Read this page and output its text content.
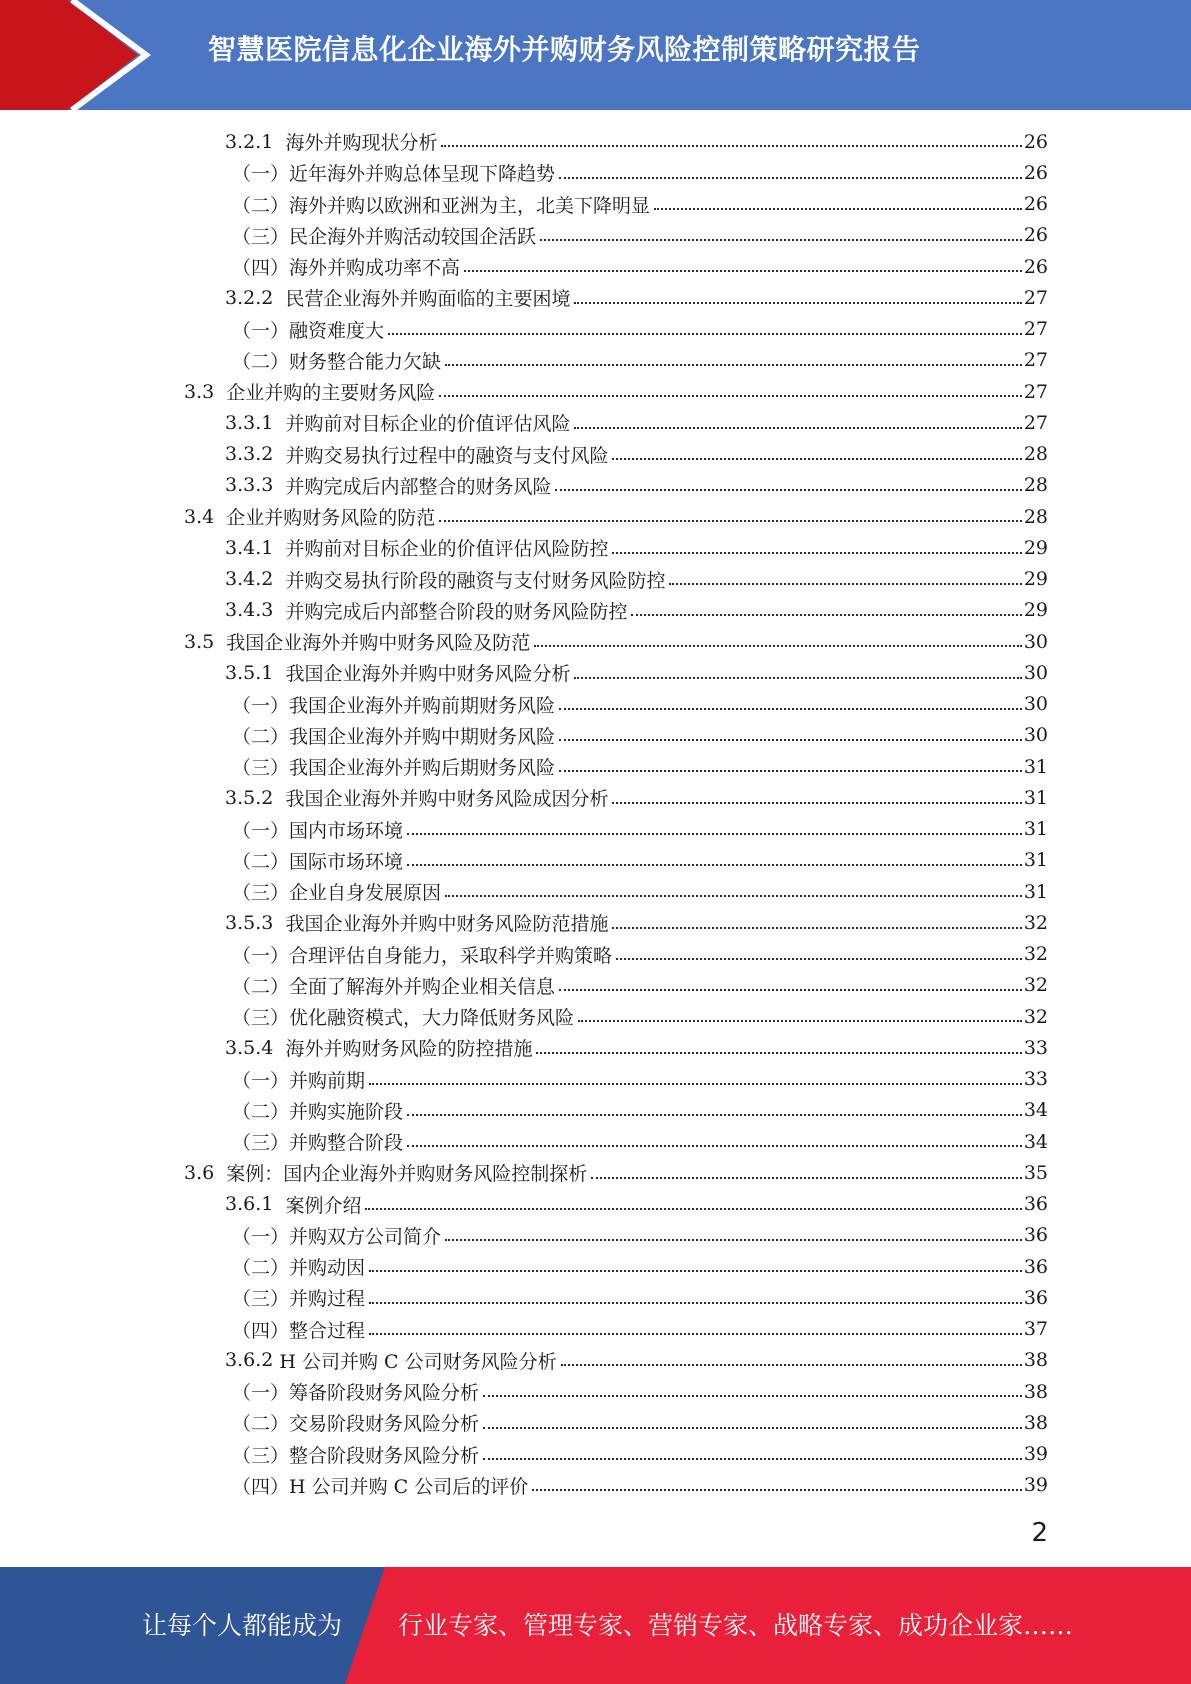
智慧医院信息化企业海外并购财务风险控制策略研究报告
3.2.1 海外并购现状分析	26
（一） 近年海外并购总体呈现下降趋势	26
（二） 海外并购以欧洲和亚洲为主，北美下降明显	26
（三） 民企海外并购活动较国企活跃	26
（四） 海外并购成功率不高	26
3.2.2 民营企业海外并购面临的主要困境	27
（一） 融资难度大	27
（二） 财务整合能力欠缺	27
3.3 企业并购的主要财务风险	27
3.3.1 并购前对目标企业的价值评估风险	27
3.3.2 并购交易执行过程中的融资与支付风险	28
3.3.3 并购完成后内部整合的财务风险	28
3.4 企业并购财务风险的防范	28
3.4.1 并购前对目标企业的价值评估风险防控	29
3.4.2 并购交易执行阶段的融资与支付财务风险防控	29
3.4.3 并购完成后内部整合阶段的财务风险防控	29
3.5 我国企业海外并购中财务风险及防范	30
3.5.1 我国企业海外并购中财务风险分析	30
（一） 我国企业海外并购前期财务风险	30
（二） 我国企业海外并购中期财务风险	30
（三） 我国企业海外并购后期财务风险	31
3.5.2 我国企业海外并购中财务风险成因分析	31
（一） 国内市场环境	31
（二） 国际市场环境	31
（三） 企业自身发展原因	31
3.5.3 我国企业海外并购中财务风险防范措施	32
（一） 合理评估自身能力，采取科学并购策略	32
（二） 全面了解海外并购企业相关信息	32
（三） 优化融资模式，大力降低财务风险	32
3.5.4 海外并购财务风险的防控措施	33
（一） 并购前期	33
（二） 并购实施阶段	34
（三） 并购整合阶段	34
3.6 案例：国内企业海外并购财务风险控制探析	35
3.6.1 案例介绍	36
（一） 并购双方公司简介	36
（二） 并购动因	36
（三） 并购过程	36
（四） 整合过程	37
3.6.2 H 公司并购 C 公司财务风险分析	38
（一） 筹备阶段财务风险分析	38
（二） 交易阶段财务风险分析	38
（三） 整合阶段财务风险分析	39
（四） H 公司并购 C 公司后的评价	39
2
让每个人都能成为 行业专家、管理专家、营销专家、战略专家、成功企业家……
